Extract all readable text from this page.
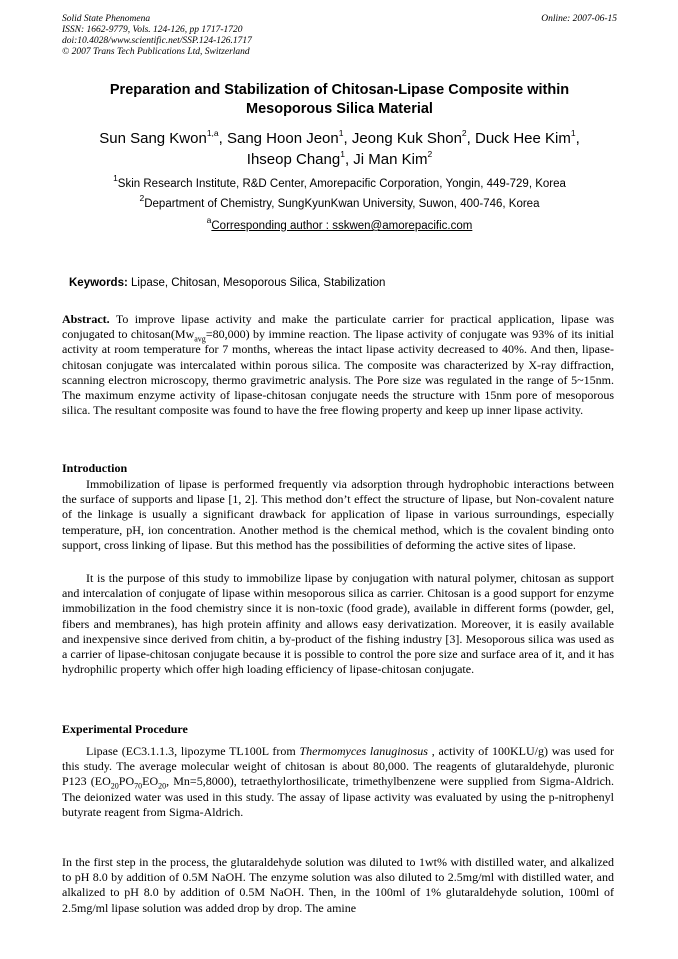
Solid State Phenomena
ISSN: 1662-9779, Vols. 124-126, pp 1717-1720
doi:10.4028/www.scientific.net/SSP.124-126.1717
© 2007 Trans Tech Publications Ltd, Switzerland
Online: 2007-06-15
Preparation and Stabilization of Chitosan-Lipase Composite within
Mesoporous Silica Material
Sun Sang Kwon$^{1,a}$, Sang Hoon Jeon$^1$, Jeong Kuk Shon$^2$, Duck Hee Kim$^1$,
Ihseop Chang$^1$, Ji Man Kim$^2$
$^1$Skin Research Institute, R&D Center, Amorepacific Corporation, Yongin, 449-729, Korea
$^2$Department of Chemistry, SungKyunKwan University, Suwon, 400-746, Korea
$^a$Corresponding author : sskwen@amorepacific.com
Keywords: Lipase, Chitosan, Mesoporous Silica, Stabilization
Abstract. To improve lipase activity and make the particulate carrier for practical application, lipase was conjugated to $chitosan(Mw_{avg}=80,000)$ by immine reaction. The lipase activity of conjugate was 93% of its initial activity at room temperature for 7 months, whereas the intact lipase activity decreased to 40%. And then, lipase-chitosan conjugate was intercalated within porous silica. The composite was characterized by X-ray diffraction, scanning electron microscopy, thermo gravimetric analysis. The Pore size was regulated in the range of 5~15nm. The maximum enzyme activity of lipase-chitosan conjugate needs the structure with 15nm pore of mesoporous silica. The resultant composite was found to have the free flowing property and keep up inner lipase activity.
Introduction
Immobilization of lipase is performed frequently via adsorption through hydrophobic interactions between the surface of supports and lipase [1, 2]. This method don’t effect the structure of lipase, but Non-covalent nature of the linkage is usually a significant drawback for application of lipase in various surroundings, especially temperature, pH, ion concentration. Another method is the chemical method, which is the covalent binding onto support, cross linking of lipase. But this method has the possibilities of deforming the active sites of lipase.
It is the purpose of this study to immobilize lipase by conjugation with natural polymer, chitosan as support and intercalation of conjugate of lipase within mesoporous silica as carrier. Chitosan is a good support for enzyme immobilization in the food chemistry since it is non-toxic (food grade), available in different forms (powder, gel, fibers and membranes), has high protein affinity and allows easy derivatization. Moreover, it is easily available and inexpensive since derived from chitin, a by-product of the fishing industry [3]. Mesoporous silica was used as a carrier of lipase-chitosan conjugate because it is possible to control the pore size and surface area of it, and it has hydrophilic property which offer high loading efficiency of lipase-chitosan conjugate.
Experimental Procedure
Lipase (EC3.1.1.3, lipozyme TL100L from Thermomyces lanuginosus , activity of 100KLU/g) was used for this study. The average molecular weight of chitosan is about 80,000. The reagents of glutaraldehyde, pluronic P123 ($EO_{20}PO_{70}EO_{20}$, Mn=5,8000), tetraethylorthosilicate, trimethylbenzene were supplied from Sigma-Aldrich. The deionized water was used in this study. The assay of lipase activity was evaluated by using the p-nitrophenyl butyrate reagent from Sigma-Aldrich.
In the first step in the process, the glutaraldehyde solution was diluted to 1wt% with distilled water, and alkalized to pH 8.0 by addition of 0.5M NaOH. The enzyme solution was also diluted to 2.5mg/ml with distilled water, and alkalized to pH 8.0 by addition of 0.5M NaOH. Then, in the 100ml of 1% glutaraldehyde solution, 100ml of 2.5mg/ml lipase solution was added drop by drop. The amine
